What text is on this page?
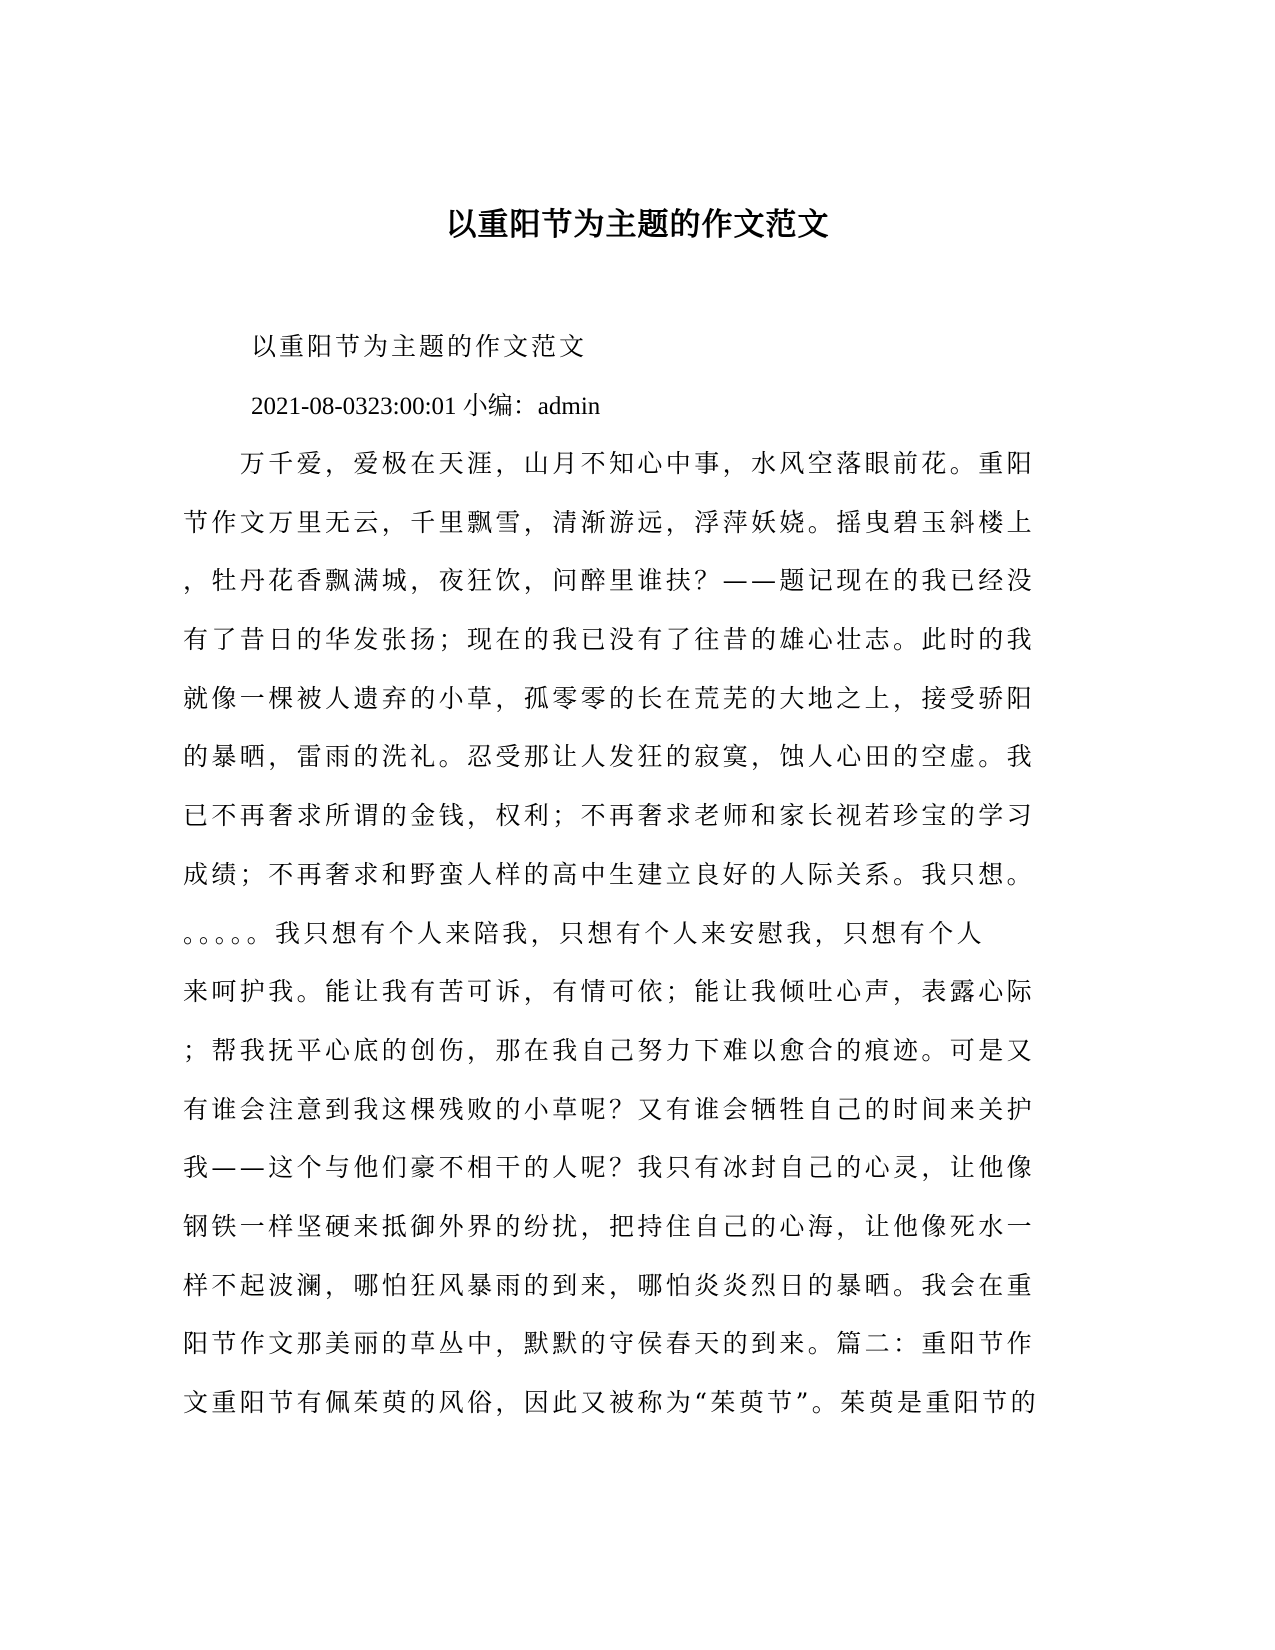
以重阳节为主题的作文范文
以重阳节为主题的作文范文
2021-08-0323:00:01 小编：admin
　　万千爱，爱极在天涯，山月不知心中事，水风空落眼前花。重阳
节作文万里无云，千里飘雪，清渐游远，浮萍妖娆。摇曳碧玉斜楼上
，牡丹花香飘满城，夜狂饮，问醉里谁扶？——题记现在的我已经没
有了昔日的华发张扬；现在的我已没有了往昔的雄心壮志。此时的我
就像一棵被人遗弃的小草，孤零零的长在荒芜的大地之上，接受骄阳
的暴晒，雷雨的洗礼。忍受那让人发狂的寂寞，蚀人心田的空虚。我
已不再奢求所谓的金钱，权利；不再奢求老师和家长视若珍宝的学习
成绩；不再奢求和野蛮人样的高中生建立良好的人际关系。我只想。
。。。。。我只想有个人来陪我，只想有个人来安慰我，只想有个人
来呵护我。能让我有苦可诉，有情可依；能让我倾吐心声，表露心际
；帮我抚平心底的创伤，那在我自己努力下难以愈合的痕迹。可是又
有谁会注意到我这棵残败的小草呢？又有谁会牺牲自己的时间来关护
我——这个与他们豪不相干的人呢？我只有冰封自己的心灵，让他像
钢铁一样坚硬来抵御外界的纷扰，把持住自己的心海，让他像死水一
样不起波澜，哪怕狂风暴雨的到来，哪怕炎炎烈日的暴晒。我会在重
阳节作文那美丽的草丛中，默默的守侯春天的到来。篇二：重阳节作
文重阳节有佩茱萸的风俗，因此又被称为“茱萸节”。茱萸是重阳节的
